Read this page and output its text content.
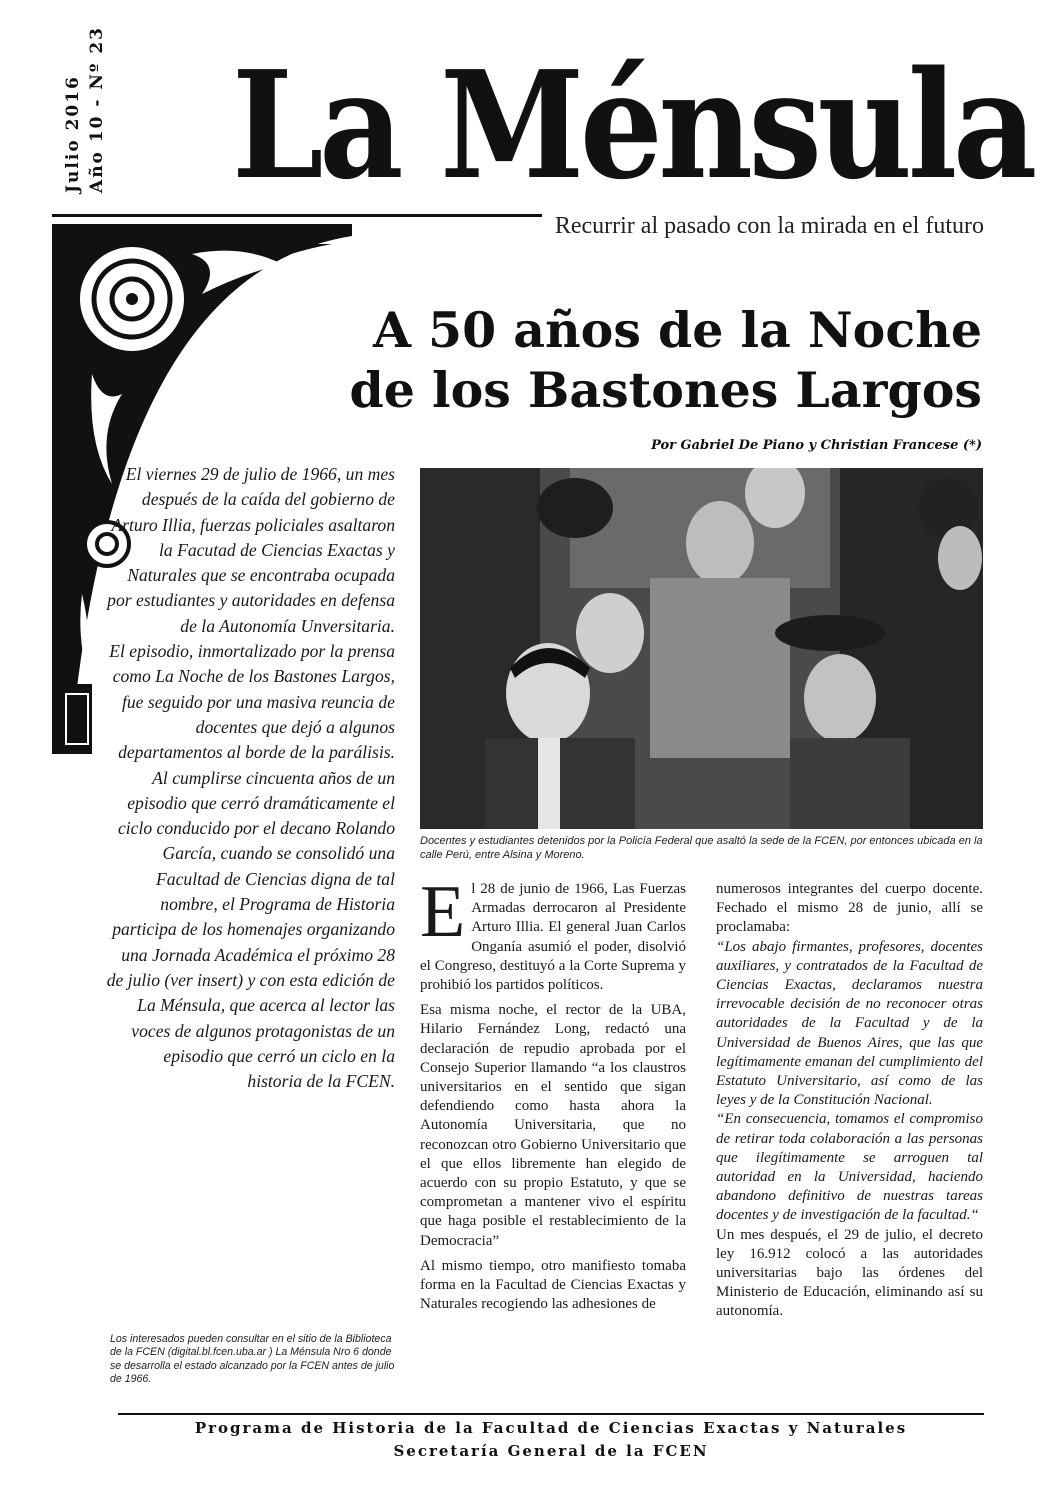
Julio 2016 Año 10 - Nº 23 La Ménsula
Recurrir al pasado con la mirada en el futuro
A 50 años de la Noche
de los Bastones Largos
Por Gabriel De Piano y Christian Francese (*)

El viernes 29 de julio de 1966, un mes después de la caída del gobierno de Arturo Illia, fuerzas policiales asaltaron la Facutad de Ciencias Exactas y Naturales que se encontraba ocupada por estudiantes y autoridades en defensa de la Autonomía Unversitaria.

El episodio, inmortalizado por la prensa como La Noche de los Bastones Largos, fue seguido por una masiva reuncia de docentes que dejó a algunos departamentos al borde de la parálisis.

Al cumplirse cincuenta años de un episodio que cerró dramáticamente el ciclo conducido por el decano Rolando García, cuando se consolidó una Facultad de Ciencias digna de tal nombre, el Programa de Historia participa de los homenajes organizando una Jornada Académica el próximo 28 de julio (ver insert) y con esta edición de La Ménsula, que acerca al lector las voces de algunos protagonistas de un episodio que cerró un ciclo en la historia de la FCEN.

Los interesados pueden consultar en el sitio de la Biblioteca de la FCEN (digital.bl.fcen.uba.ar ) La Ménsula Nro 6 donde se desarrolla el estado alcanzado por la FCEN antes de julio de 1966.
Docentes y estudiantes detenidos por la Policía Federal que asaltó la sede de la FCEN, por entonces ubicada en la calle Perú, entre Alsina y Moreno.

El 28 de junio de 1966, Las Fuerzas Armadas derrocaron al Presidente Arturo Illia. El general Juan Carlos Onganía asumió el poder, disolvió el Congreso, destituyó a la Corte Suprema y prohibió los partidos políticos.

Esa misma noche, el rector de la UBA, Hilario Fernández Long, redactó una declaración de repudio aprobada por el Consejo Superior llamando “a los claustros universitarios en el sentido que sigan defendiendo como hasta ahora la Autonomía Universitaria, que no reconozcan otro Gobierno Universitario que el que ellos libremente han elegido de acuerdo con su propio Estatuto, y que se comprometan a mantener vivo el espíritu que haga posible el restablecimiento de la Democracia”

Al mismo tiempo, otro manifiesto tomaba forma en la Facultad de Ciencias Exactas y Naturales recogiendo las adhesiones de

numerosos integrantes del cuerpo docente. Fechado el mismo 28 de junio, allí se proclamaba:

“Los abajo firmantes, profesores, docentes auxiliares, y contratados de la Facultad de Ciencias Exactas, declaramos nuestra irrevocable decisión de no reconocer otras autoridades de la Facultad y de la Universidad de Buenos Aires, que las que legítimamente emanan del cumplimiento del Estatuto Universitario, así como de las leyes y de la Constitución Nacional.

“En consecuencia, tomamos el compromiso de retirar toda colaboración a las personas que ilegítimamente se arroguen tal autoridad en la Universidad, haciendo abandono definitivo de nuestras tareas docentes y de investigación de la facultad.“

Un mes después, el 29 de julio, el decreto ley 16.912 colocó a las autoridades universitarias bajo las órdenes del Ministerio de Educación, eliminando así su autonomía.

Programa de Historia de la Facultad de Ciencias Exactas y Naturales
Secretaría General de la FCEN
